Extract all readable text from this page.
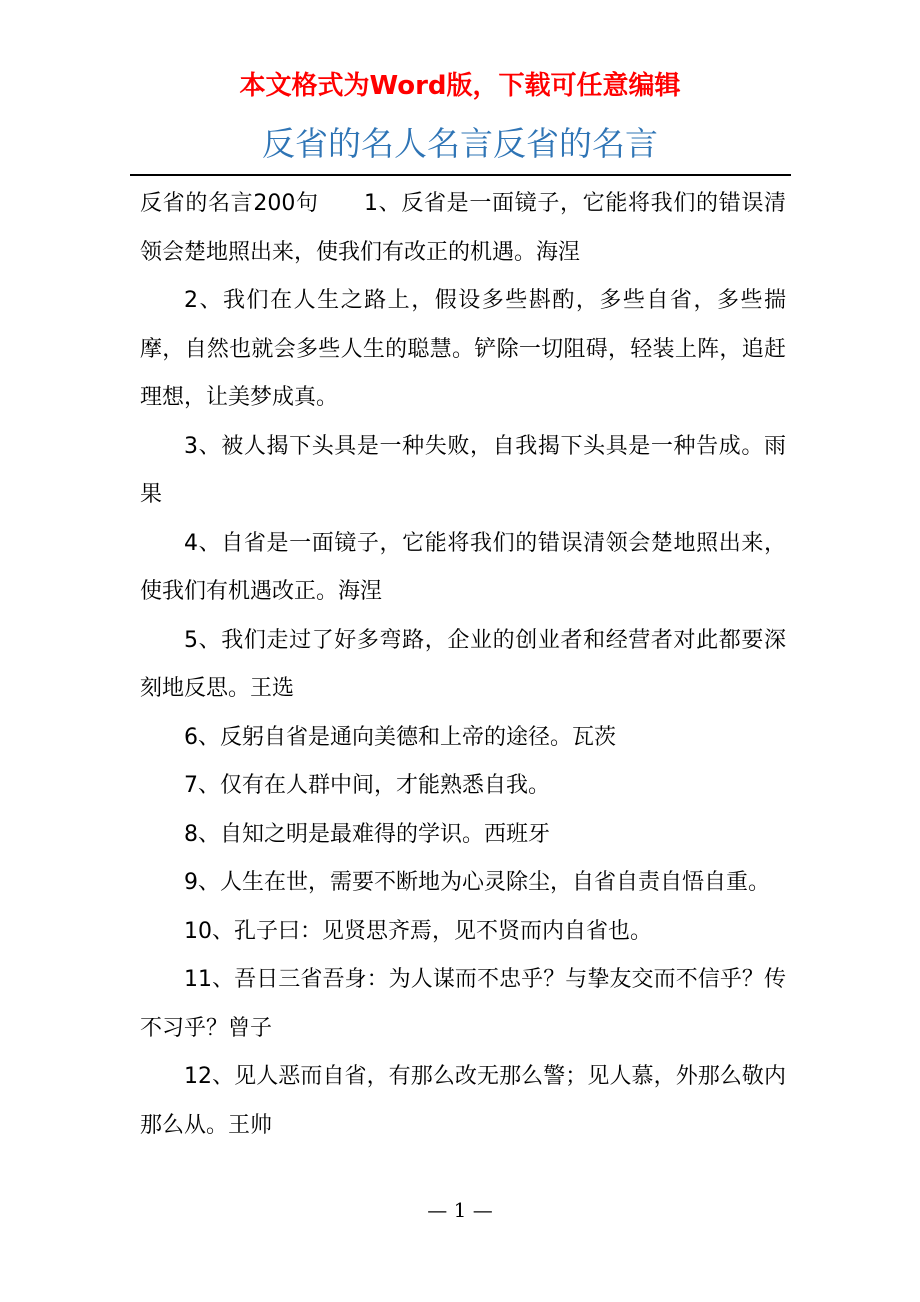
本文格式为Word版，下载可任意编辑
反省的名人名言反省的名言

反省的名言200句　　1、反省是一面镜子，它能将我们的错误清领会楚地照出来，使我们有改正的机遇。海涅

2、我们在人生之路上，假设多些斟酌，多些自省，多些揣摩，自然也就会多些人生的聪慧。铲除一切阻碍，轻装上阵，追赶理想，让美梦成真。

3、被人揭下头具是一种失败，自我揭下头具是一种告成。雨果

4、自省是一面镜子，它能将我们的错误清领会楚地照出来，使我们有机遇改正。海涅

5、我们走过了好多弯路，企业的创业者和经营者对此都要深刻地反思。王选

6、反躬自省是通向美德和上帝的途径。瓦茨

7、仅有在人群中间，才能熟悉自我。

8、自知之明是最难得的学识。西班牙

9、人生在世，需要不断地为心灵除尘，自省自责自悟自重。

10、孔子曰：见贤思齐焉，见不贤而内自省也。

11、吾日三省吾身：为人谋而不忠乎？与挚友交而不信乎？传不习乎？曾子

12、见人恶而自省，有那么改无那么警；见人慕，外那么敬内那么从。王帅

— 1 —
